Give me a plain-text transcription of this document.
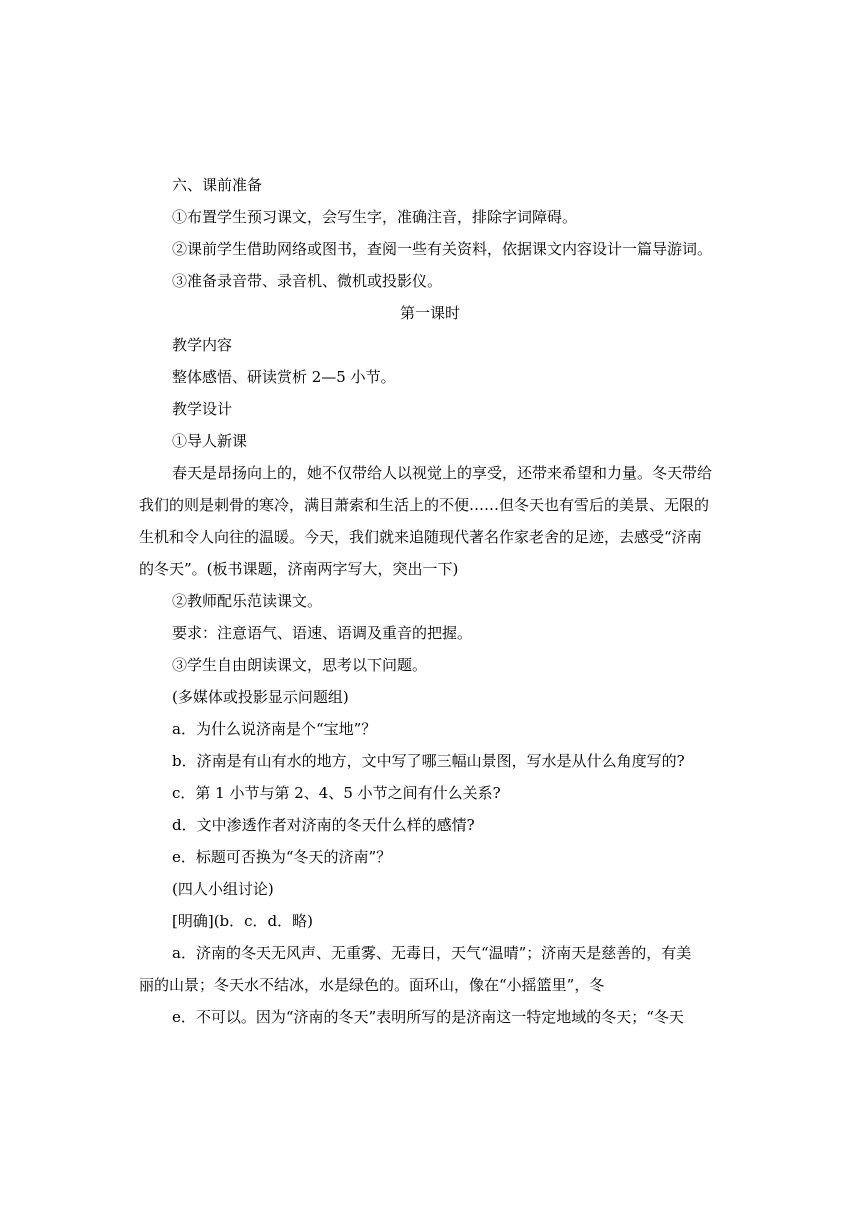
六、课前准备
①布置学生预习课文，会写生字，准确注音，排除字词障碍。
②课前学生借助网络或图书，查阅一些有关资料，依据课文内容设计一篇导游词。
③准备录音带、录音机、微机或投影仪。
第一课时
教学内容
整体感悟、研读赏析 2—5 小节。
教学设计
①导人新课
春天是昂扬向上的，她不仅带给人以视觉上的享受，还带来希望和力量。冬天带给
我们的则是刺骨的寒冷，满目萧索和生活上的不便……但冬天也有雪后的美景、无限的
生机和令人向往的温暖。今天，我们就来追随现代著名作家老舍的足迹，去感受“济南
的冬天”。(板书课题，济南两字写大，突出一下)
②教师配乐范读课文。
要求：注意语气、语速、语调及重音的把握。
③学生自由朗读课文，思考以下问题。
(多媒体或投影显示问题组)
a．为什么说济南是个“宝地”？
b．济南是有山有水的地方，文中写了哪三幅山景图，写水是从什么角度写的?
c．第 1 小节与第 2、4、5 小节之间有什么关系?
d．文中渗透作者对济南的冬天什么样的感情?
e．标题可否换为“冬天的济南”？
(四人小组讨论)
[明确](b．c．d．略)
a．济南的冬天无风声、无重雾、无毒日，天气“温晴”；济南天是慈善的，有美
丽的山景；冬天水不结冰，水是绿色的。面环山，像在“小摇篮里”，冬
e．不可以。因为“济南的冬天”表明所写的是济南这一特定地域的冬天；“冬天
